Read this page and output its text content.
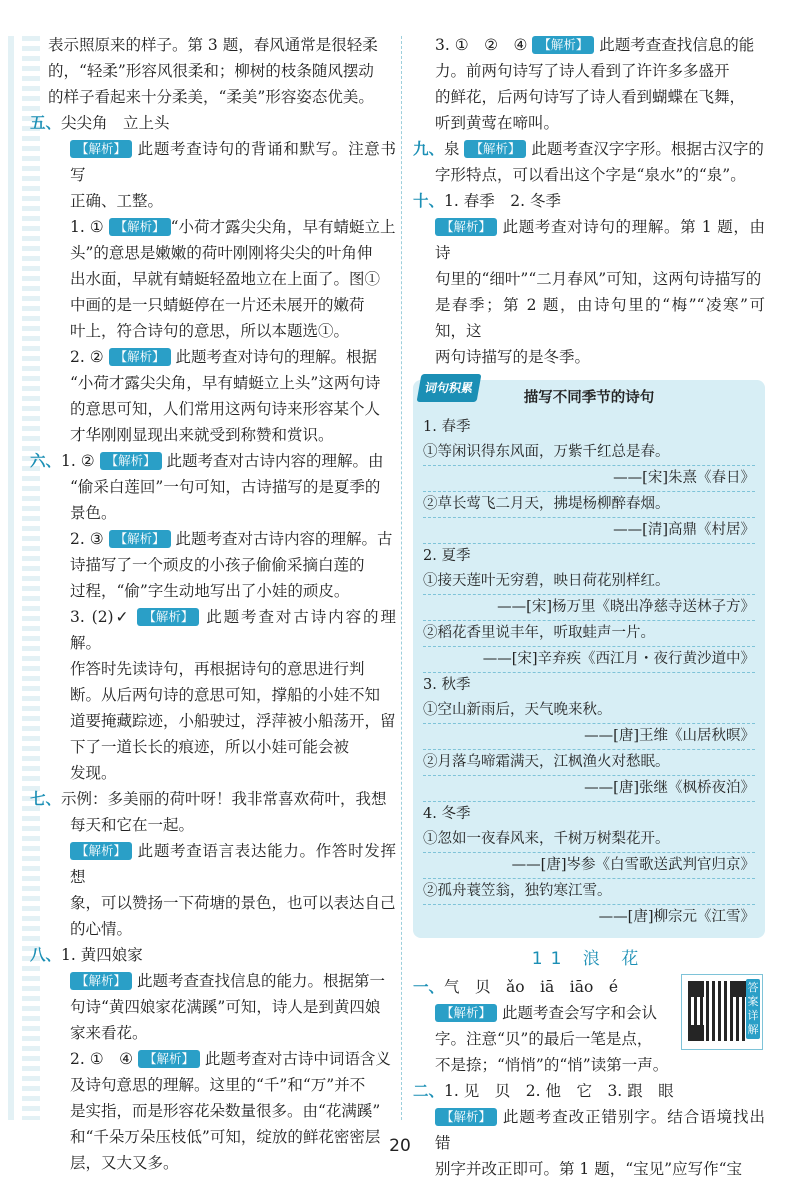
表示照原来的样子。第 3 题，春风通常是很轻柔

的，“轻柔”形容风很柔和；柳树的枝条随风摆动

的样子看起来十分柔美，“柔美”形容姿态优美。

五、尖尖角　立上头

【解析】 此题考查诗句的背诵和默写。注意书写

正确、工整。

1. ① 【解析】 “小荷才露尖尖角，早有蜻蜓立上

头”的意思是嫩嫩的荷叶刚刚将尖尖的叶角伸

出水面，早就有蜻蜓轻盈地立在上面了。图①

中画的是一只蜻蜓停在一片还未展开的嫩荷

叶上，符合诗句的意思，所以本题选①。

2. ② 【解析】 此题考查对诗句的理解。根据

“小荷才露尖尖角，早有蜻蜓立上头”这两句诗

的意思可知，人们常用这两句诗来形容某个人

才华刚刚显现出来就受到称赞和赏识。

六、1. ② 【解析】 此题考查对古诗内容的理解。由

“偷采白莲回”一句可知，古诗描写的是夏季的

景色。

2. ③ 【解析】 此题考查对古诗内容的理解。古

诗描写了一个顽皮的小孩子偷偷采摘白莲的

过程，“偷”字生动地写出了小娃的顽皮。

3. (2)✓ 【解析】 此题考查对古诗内容的理解。

作答时先读诗句，再根据诗句的意思进行判

断。从后两句诗的意思可知，撑船的小娃不知

道要掩藏踪迹，小船驶过，浮萍被小船荡开，留

下了一道长长的痕迹，所以小娃可能会被

发现。

七、示例：多美丽的荷叶呀！我非常喜欢荷叶，我想

每天和它在一起。

【解析】 此题考查语言表达能力。作答时发挥想

象，可以赞扬一下荷塘的景色，也可以表达自己

的心情。

八、1. 黄四娘家

【解析】 此题考查查找信息的能力。根据第一

句诗“黄四娘家花满蹊”可知，诗人是到黄四娘

家来看花。

2. ①　④ 【解析】 此题考查对古诗中词语含义

及诗句意思的理解。这里的“千”和“万”并不

是实指，而是形容花朵数量很多。由“花满蹊”

和“千朵万朵压枝低”可知，绽放的鲜花密密层

层，又大又多。

3. ①　②　④ 【解析】 此题考查查找信息的能

力。前两句诗写了诗人看到了许许多多盛开

的鲜花，后两句诗写了诗人看到蝴蝶在飞舞，

听到黄莺在啼叫。

九、泉 【解析】 此题考查汉字字形。根据古汉字的

字形特点，可以看出这个字是“泉水”的“泉”。

十、1. 春季　2. 冬季

【解析】 此题考查对诗句的理解。第 1 题，由诗

句里的“细叶”“二月春风”可知，这两句诗描写的

是春季；第 2 题，由诗句里的“梅”“凌寒”可知，这

两句诗描写的是冬季。

词句积累

描写不同季节的诗句

1. 春季

①等闲识得东风面，万紫千红总是春。

——[宋]朱熹《春日》

②草长莺飞二月天，拂堤杨柳醉春烟。

——[清]高鼎《村居》

2. 夏季

①接天莲叶无穷碧，映日荷花别样红。

——[宋]杨万里《晓出净慈寺送林子方》

②稻花香里说丰年，听取蛙声一片。

——[宋]辛弃疾《西江月・夜行黄沙道中》

3. 秋季

①空山新雨后，天气晚来秋。

——[唐]王维《山居秋暝》

②月落乌啼霜满天，江枫渔火对愁眠。

——[唐]张继《枫桥夜泊》

4. 冬季

①忽如一夜春风来，千树万树梨花开。

——[唐]岑参《白雪歌送武判官归京》

②孤舟蓑笠翁，独钓寒江雪。

——[唐]柳宗元《江雪》

11 浪 花

答案详解

一、气　贝　ǎo　iā　iāo　é

【解析】 此题考查会写字和会认

字。注意“贝”的最后一笔是点，

不是捺；“悄悄”的“悄”读第一声。

二、1. 见　贝　2. 他　它　3. 跟　眼

【解析】 此题考查改正错别字。结合语境找出错

别字并改正即可。第 1 题，“宝见”应写作“宝

20
